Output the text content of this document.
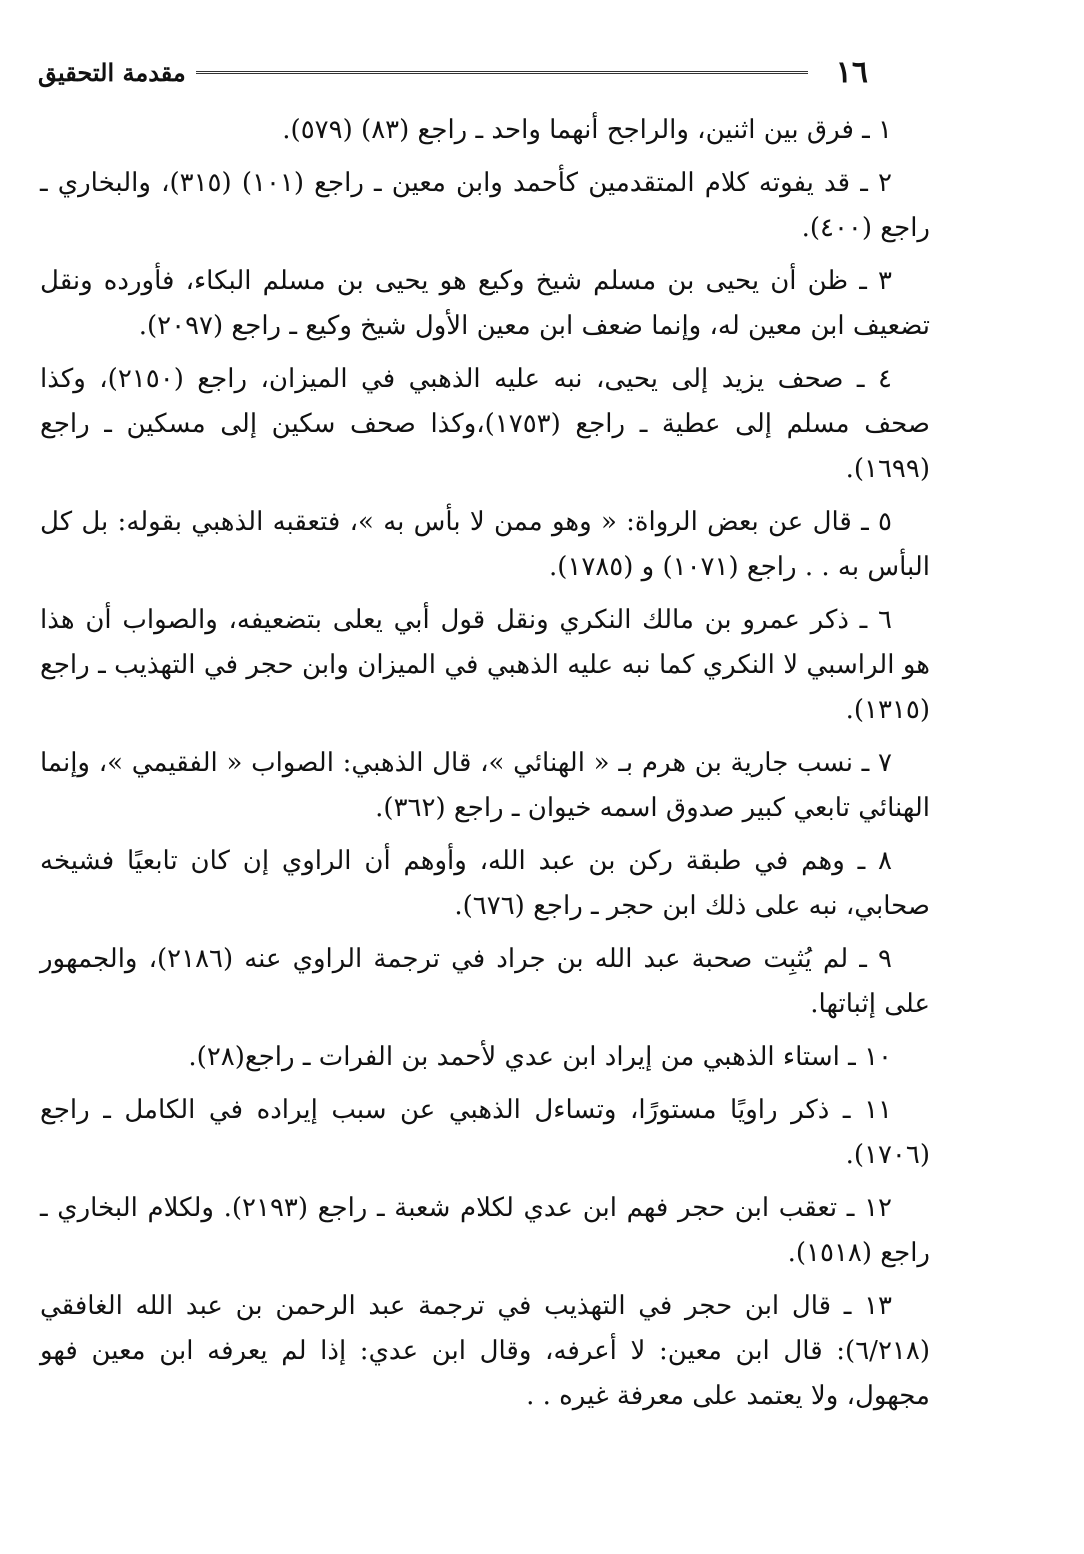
١٦
مقدمة التحقيق

١ ـ فرق بين اثنين، والراجح أنهما واحد ـ راجع (٨٣) (٥٧٩).

٢ ـ قد يفوته كلام المتقدمين كأحمد وابن معين ـ راجع (١٠١) (٣١٥)، والبخاري ـ راجع (٤٠٠).

٣ ـ ظن أن يحيى بن مسلم شيخ وكيع هو يحيى بن مسلم البكاء، فأورده ونقل تضعيف ابن معين له، وإنما ضعف ابن معين الأول شيخ وكيع ـ راجع (٢٠٩٧).

٤ ـ صحف يزيد إلى يحيى، نبه عليه الذهبي في الميزان، راجع (٢١٥٠)، وكذا صحف مسلم إلى عطية ـ راجع (١٧٥٣)،وكذا صحف سكين إلى مسكين ـ راجع (١٦٩٩).

٥ ـ قال عن بعض الرواة: « وهو ممن لا بأس به »، فتعقبه الذهبي بقوله: بل كل البأس به . . راجع (١٠٧١) و (١٧٨٥).

٦ ـ ذكر عمرو بن مالك النكري ونقل قول أبي يعلى بتضعيفه، والصواب أن هذا هو الراسبي لا النكري كما نبه عليه الذهبي في الميزان وابن حجر في التهذيب ـ راجع (١٣١٥).

٧ ـ نسب جارية بن هرم بـ « الهنائي »، قال الذهبي: الصواب « الفقيمي »، وإنما الهنائي تابعي كبير صدوق اسمه خيوان ـ راجع (٣٦٢).

٨ ـ وهم في طبقة ركن بن عبد الله، وأوهم أن الراوي إن كان تابعيًا فشيخه صحابي، نبه على ذلك ابن حجر ـ راجع (٦٧٦).

٩ ـ لم يُثبِت صحبة عبد الله بن جراد في ترجمة الراوي عنه (٢١٨٦)، والجمهور على إثباتها.

١٠ ـ استاء الذهبي من إيراد ابن عدي لأحمد بن الفرات ـ راجع(٢٨).

١١ ـ ذكر راويًا مستورًا، وتساءل الذهبي عن سبب إيراده في الكامل ـ راجع (١٧٠٦).

١٢ ـ تعقب ابن حجر فهم ابن عدي لكلام شعبة ـ راجع (٢١٩٣). ولكلام البخاري ـ راجع (١٥١٨).

١٣ ـ قال ابن حجر في التهذيب في ترجمة عبد الرحمن بن عبد الله الغافقي (٦/٢١٨): قال ابن معين: لا أعرفه، وقال ابن عدي: إذا لم يعرفه ابن معين فهو مجهول، ولا يعتمد على معرفة غيره . .
